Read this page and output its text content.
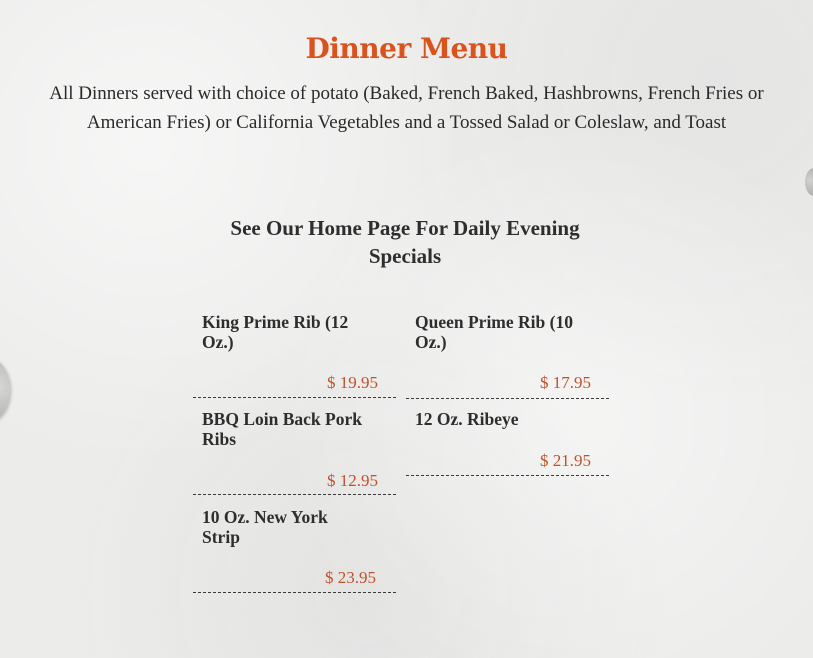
Dinner Menu

All Dinners served with choice of potato (Baked, French Baked, Hashbrowns, French Fries or American Fries) or California Vegetables and a Tossed Salad or Coleslaw, and Toast

See Our Home Page For Daily Evening Specials

King Prime Rib (12 Oz.)

$ 19.95

Queen Prime Rib (10 Oz.)

$ 17.95

BBQ Loin Back Pork Ribs

$ 12.95

12 Oz. Ribeye

$ 21.95

10 Oz. New York Strip

$ 23.95
